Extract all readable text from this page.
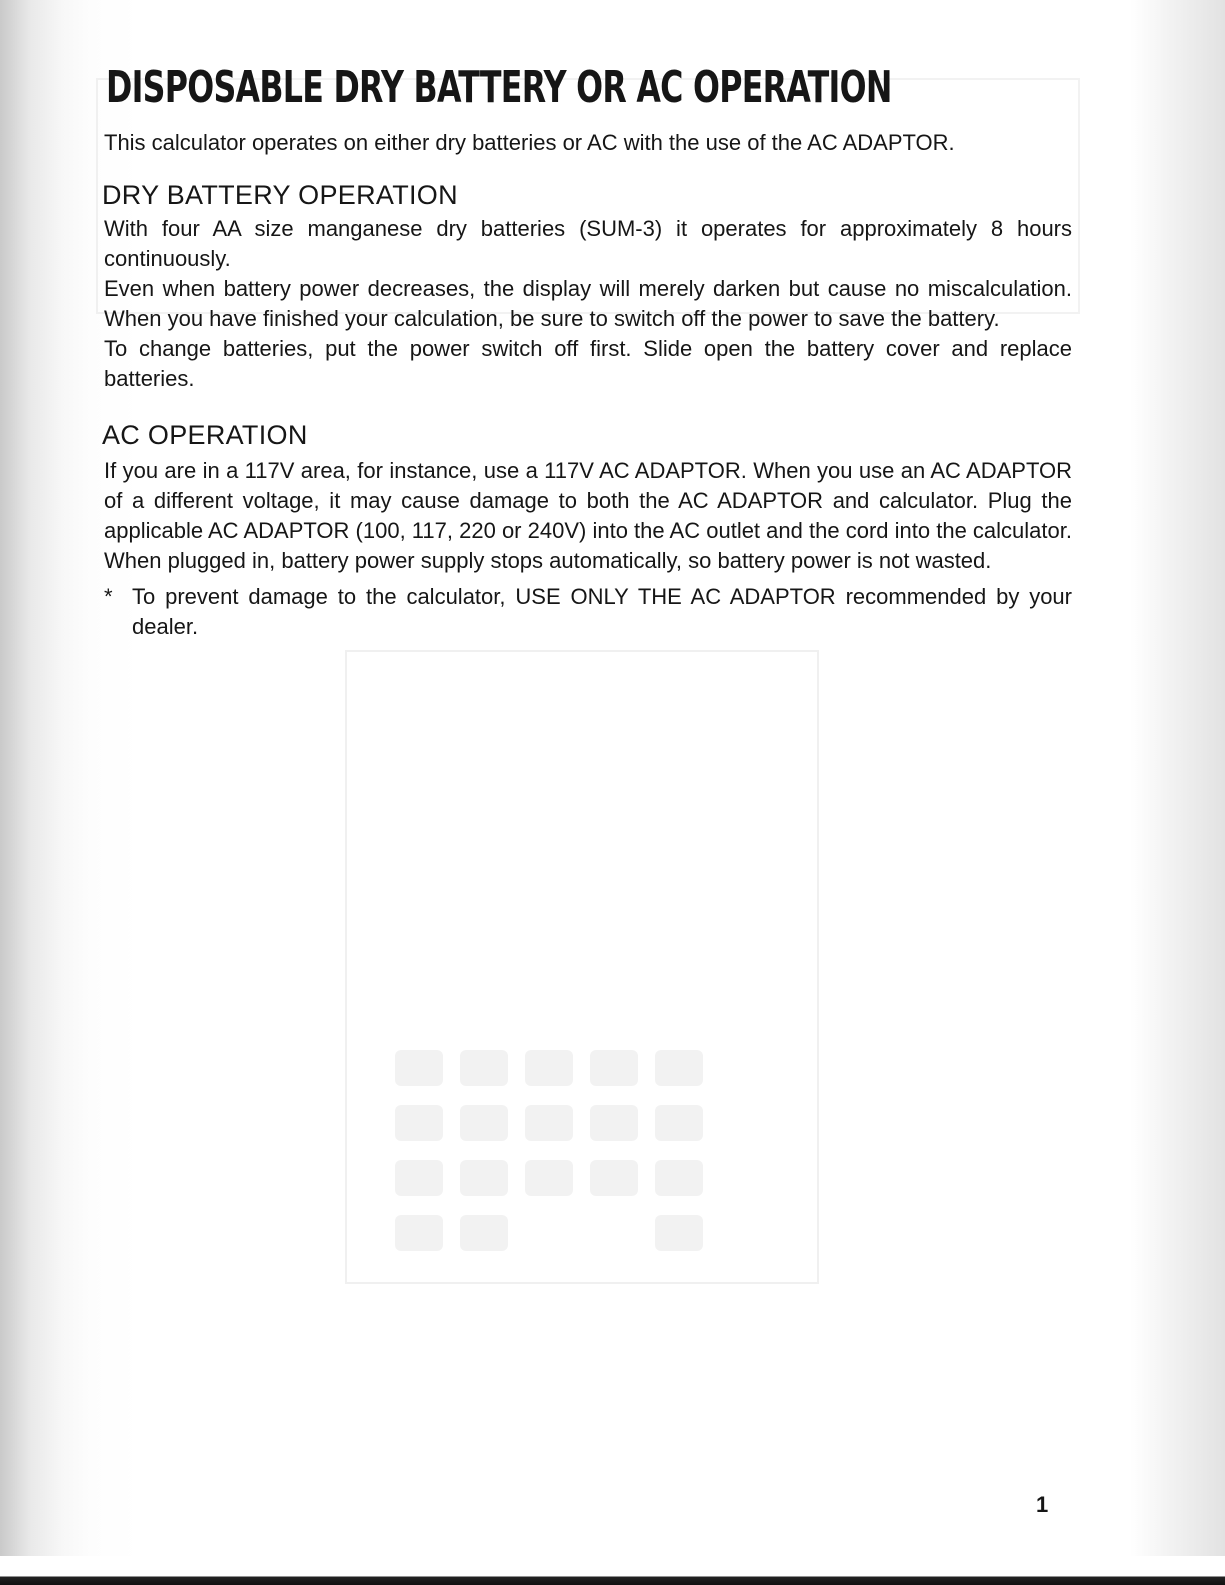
DISPOSABLE DRY BATTERY OR AC OPERATION

This calculator operates on either dry batteries or AC with the use of the AC ADAPTOR.

DRY BATTERY OPERATION

With four AA size manganese dry batteries (SUM-3) it operates for approximately 8 hours continuously.

Even when battery power decreases, the display will merely darken but cause no miscalculation. When you have finished your calculation, be sure to switch off the power to save the battery.

To change batteries, put the power switch off first. Slide open the battery cover and replace batteries.

AC OPERATION

If you are in a 117V area, for instance, use a 117V AC ADAPTOR. When you use an AC ADAPTOR of a different voltage, it may cause damage to both the AC ADAPTOR and calculator. Plug the applicable AC ADAPTOR (100, 117, 220 or 240V) into the AC outlet and the cord into the calculator. When plugged in, battery power supply stops automatically, so battery power is not wasted.

* To prevent damage to the calculator, USE ONLY THE AC ADAPTOR recommended by your dealer.
1
